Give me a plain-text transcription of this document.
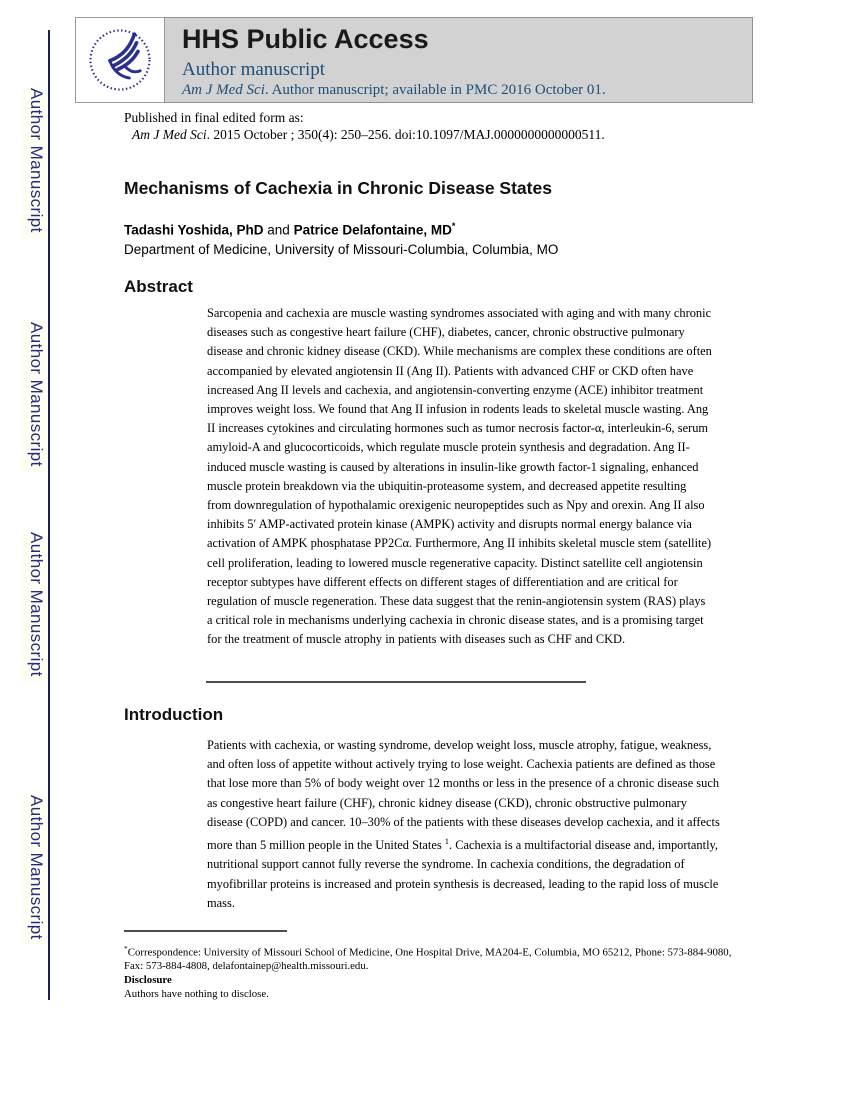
Author Manuscript
Author Manuscript
Author Manuscript
Author Manuscript
HHS Public Access
Author manuscript
Am J Med Sci. Author manuscript; available in PMC 2016 October 01.
Published in final edited form as:
Am J Med Sci. 2015 October ; 350(4): 250–256. doi:10.1097/MAJ.0000000000000511.
Mechanisms of Cachexia in Chronic Disease States
Tadashi Yoshida, PhD and Patrice Delafontaine, MD*
Department of Medicine, University of Missouri-Columbia, Columbia, MO
Abstract
Sarcopenia and cachexia are muscle wasting syndromes associated with aging and with many chronic diseases such as congestive heart failure (CHF), diabetes, cancer, chronic obstructive pulmonary disease and chronic kidney disease (CKD). While mechanisms are complex these conditions are often accompanied by elevated angiotensin II (Ang II). Patients with advanced CHF or CKD often have increased Ang II levels and cachexia, and angiotensin-converting enzyme (ACE) inhibitor treatment improves weight loss. We found that Ang II infusion in rodents leads to skeletal muscle wasting. Ang II increases cytokines and circulating hormones such as tumor necrosis factor-α, interleukin-6, serum amyloid-A and glucocorticoids, which regulate muscle protein synthesis and degradation. Ang II-induced muscle wasting is caused by alterations in insulin-like growth factor-1 signaling, enhanced muscle protein breakdown via the ubiquitin-proteasome system, and decreased appetite resulting from downregulation of hypothalamic orexigenic neuropeptides such as Npy and orexin. Ang II also inhibits 5′ AMP-activated protein kinase (AMPK) activity and disrupts normal energy balance via activation of AMPK phosphatase PP2Cα. Furthermore, Ang II inhibits skeletal muscle stem (satellite) cell proliferation, leading to lowered muscle regenerative capacity. Distinct satellite cell angiotensin receptor subtypes have different effects on different stages of differentiation and are critical for regulation of muscle regeneration. These data suggest that the renin-angiotensin system (RAS) plays a critical role in mechanisms underlying cachexia in chronic disease states, and is a promising target for the treatment of muscle atrophy in patients with diseases such as CHF and CKD.
Introduction
Patients with cachexia, or wasting syndrome, develop weight loss, muscle atrophy, fatigue, weakness, and often loss of appetite without actively trying to lose weight. Cachexia patients are defined as those that lose more than 5% of body weight over 12 months or less in the presence of a chronic disease such as congestive heart failure (CHF), chronic kidney disease (CKD), chronic obstructive pulmonary disease (COPD) and cancer. 10–30% of the patients with these diseases develop cachexia, and it affects more than 5 million people in the United States $^1$. Cachexia is a multifactorial disease and, importantly, nutritional support cannot fully reverse the syndrome. In cachexia conditions, the degradation of myofibrillar proteins is increased and protein synthesis is decreased, leading to the rapid loss of muscle mass.
*Correspondence: University of Missouri School of Medicine, One Hospital Drive, MA204-E, Columbia, MO 65212, Phone: 573-884-9080, Fax: 573-884-4808, delafontainep@health.missouri.edu.
Disclosure
Authors have nothing to disclose.
